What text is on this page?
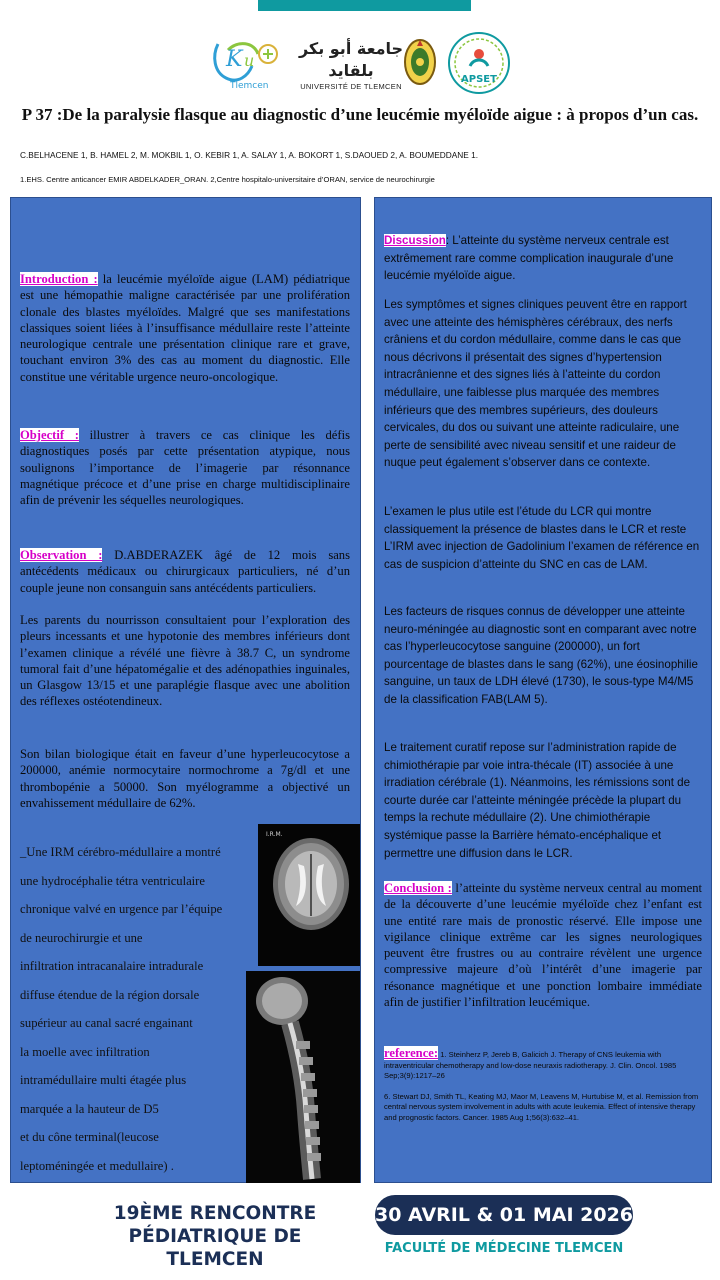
K u
Tlemcen
جامعة أبو بكر بلقايد
UNIVERSITÉ DE TLEMCEN
APSET
P 37 :De la paralysie flasque au diagnostic d’une leucémie myéloïde aigue : à propos d’un cas.
C.BELHACENE 1, B. HAMEL 2, M. MOKBIL 1, O. KEBIR 1, A. SALAY 1, A. BOKORT 1, S.DAOUED 2, A. BOUMEDDANE 1.
1.EHS. Centre anticancer EMIR ABDELKADER_ORAN. 2,Centre hospitalo-universitaire d’ORAN, service de neurochirurgie
Introduction : la leucémie myéloïde aigue (LAM) pédiatrique est une hémopathie maligne caractérisée par une prolifération clonale des blastes myéloïdes. Malgré que ses manifestations classiques soient liées à l’insuffisance médullaire reste l’atteinte neurologique centrale une présentation clinique rare et grave, touchant environ 3% des cas au moment du diagnostic. Elle constitue une véritable urgence neuro-oncologique.
Objectif : illustrer à travers ce cas clinique les défis diagnostiques posés par cette présentation atypique, nous soulignons l’importance de l’imagerie par résonnance magnétique précoce et d’une prise en charge multidisciplinaire afin de prévenir les séquelles neurologiques.
Observation : D.ABDERAZEK âgé de 12 mois sans antécédents médicaux ou chirurgicaux particuliers, né d’un couple jeune non consanguin sans antécédents particuliers.
Les parents du nourrisson consultaient pour l’exploration des pleurs incessants et une hypotonie des membres inférieurs dont l’examen clinique a révélé une fièvre à 38.7 C, un syndrome tumoral fait d’une hépatomégalie et des adénopathies inguinales, un Glasgow 13/15 et une paraplégie flasque avec une abolition des réflexes ostéotendineux.
Son bilan biologique était en faveur d’une hyperleucocytose a 200000, anémie normocytaire normochrome a 7g/dl et une thrombopénie a 50000. Son myélogramme a objectivé un envahissement médullaire de 62%.
_Une IRM cérébro-médullaire a montré
une hydrocéphalie tétra ventriculaire
chronique valvé en urgence par l’équipe
de neurochirurgie et une
infiltration intracanalaire intradurale
diffuse étendue de la région dorsale
supérieur au canal sacré engainant
la moelle avec infiltration
intramédullaire multi étagée plus
marquée a la hauteur de D5
et du cône terminal(leucose
leptoméningée et medullaire) .
I.R.M.
Discussion: L’atteinte du système nerveux centrale est extrêmement rare comme complication inaugurale d’une leucémie myéloïde aigue.
Les symptômes et signes cliniques peuvent être en rapport avec une atteinte des hémisphères cérébraux, des nerfs crâniens et du cordon médullaire, comme dans le cas que nous décrivons il présentait des signes d’hypertension intracrânienne et des signes liés à l’atteinte du cordon médullaire, une faiblesse plus marquée des membres inférieurs que des membres supérieurs, des douleurs cervicales, du dos ou suivant une atteinte radiculaire, une perte de sensibilité avec niveau sensitif et une raideur de nuque peut également s’observer dans ce contexte.
L’examen le plus utile est l’étude du LCR qui montre classiquement la présence de blastes dans le LCR et reste L’IRM avec injection de Gadolinium l’examen de référence en cas de suspicion d’atteinte du SNC en cas de LAM.
Les facteurs de risques connus de développer une atteinte neuro-méningée au diagnostic sont en comparant avec notre cas l’hyperleucocytose sanguine (200000), un fort pourcentage de blastes dans le sang (62%), une éosinophilie sanguine, un taux de LDH élevé (1730), le sous-type M4/M5 de la classification FAB(LAM 5).
Le traitement curatif repose sur l’administration rapide de chimiothérapie par voie intra-thécale (IT) associée à une irradiation cérébrale (1). Néanmoins, les rémissions sont de courte durée car l’atteinte méningée précède la plupart du temps la rechute médullaire (2). Une chimiothérapie systémique passe la Barrière hémato-encéphalique et permettre une diffusion dans le LCR.
Conclusion : l’atteinte du système nerveux central au moment de la découverte d’une leucémie myéloïde chez l’enfant est une entité rare mais de pronostic réservé. Elle impose une vigilance clinique extrême car les signes neurologiques peuvent être frustres ou au contraire révèlent une urgence compressive majeure d’où l’intérêt d’une imagerie par résonance magnétique et une ponction lombaire immédiate afin de justifier l’infiltration leucémique.

reference: 1. Steinherz P, Jereb B, Galicich J. Therapy of CNS leukemia with intraventricular chemotherapy and low-dose neuraxis radiotherapy. J. Clin. Oncol. 1985 Sep;3(9):1217–26

6. Stewart DJ, Smith TL, Keating MJ, Maor M, Leavens M, Hurtubise M, et al. Remission from central nervous system involvement in adults with acute leukemia. Effect of intensive therapy and prognostic factors. Cancer. 1985 Aug 1;56(3):632–41.

19ÈME RENCONTRE
PÉDIATRIQUE DE TLEMCEN
30 AVRIL & 01 MAI 2026
FACULTÉ DE MÉDECINE TLEMCEN
